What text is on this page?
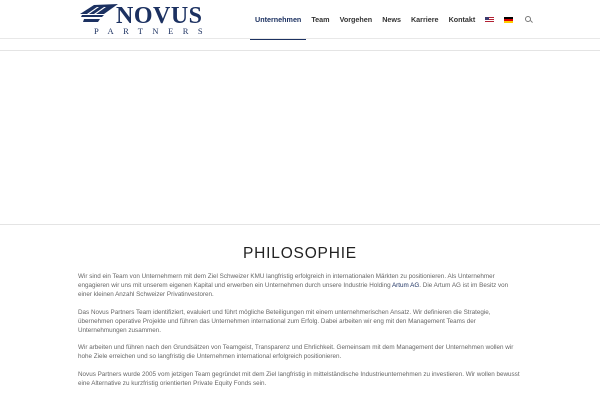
NOVUS
PARTNERS
Unternehmen	Team	Vorgehen	News	Karriere	Kontakt
PHILOSOPHIE

Wir sind ein Team von Unternehmern mit dem Ziel Schweizer KMU langfristig erfolgreich in internationalen Märkten zu positionieren. Als Unternehmer engagieren wir uns mit unserem eigenen Kapital und erwerben ein Unternehmen durch unsere Industrie Holding Artum AG. Die Artum AG ist im Besitz von einer kleinen Anzahl Schweizer Privatinvestoren.

Das Novus Partners Team identifiziert, evaluiert und führt mögliche Beteiligungen mit einem unternehmerischen Ansatz. Wir definieren die Strategie, übernehmen operative Projekte und führen das Unternehmen international zum Erfolg. Dabei arbeiten wir eng mit den Management Teams der Unternehmungen zusammen.

Wir arbeiten und führen nach den Grundsätzen von Teamgeist, Transparenz und Ehrlichkeit. Gemeinsam mit dem Management der Unternehmen wollen wir hohe Ziele erreichen und so langfristig die Unternehmen international erfolgreich positionieren.

Novus Partners wurde 2005 vom jetzigen Team gegründet mit dem Ziel langfristig in mittelständische Industrieunternehmen zu investieren. Wir wollen bewusst eine Alternative zu kurzfristig orientierten Private Equity Fonds sein.
